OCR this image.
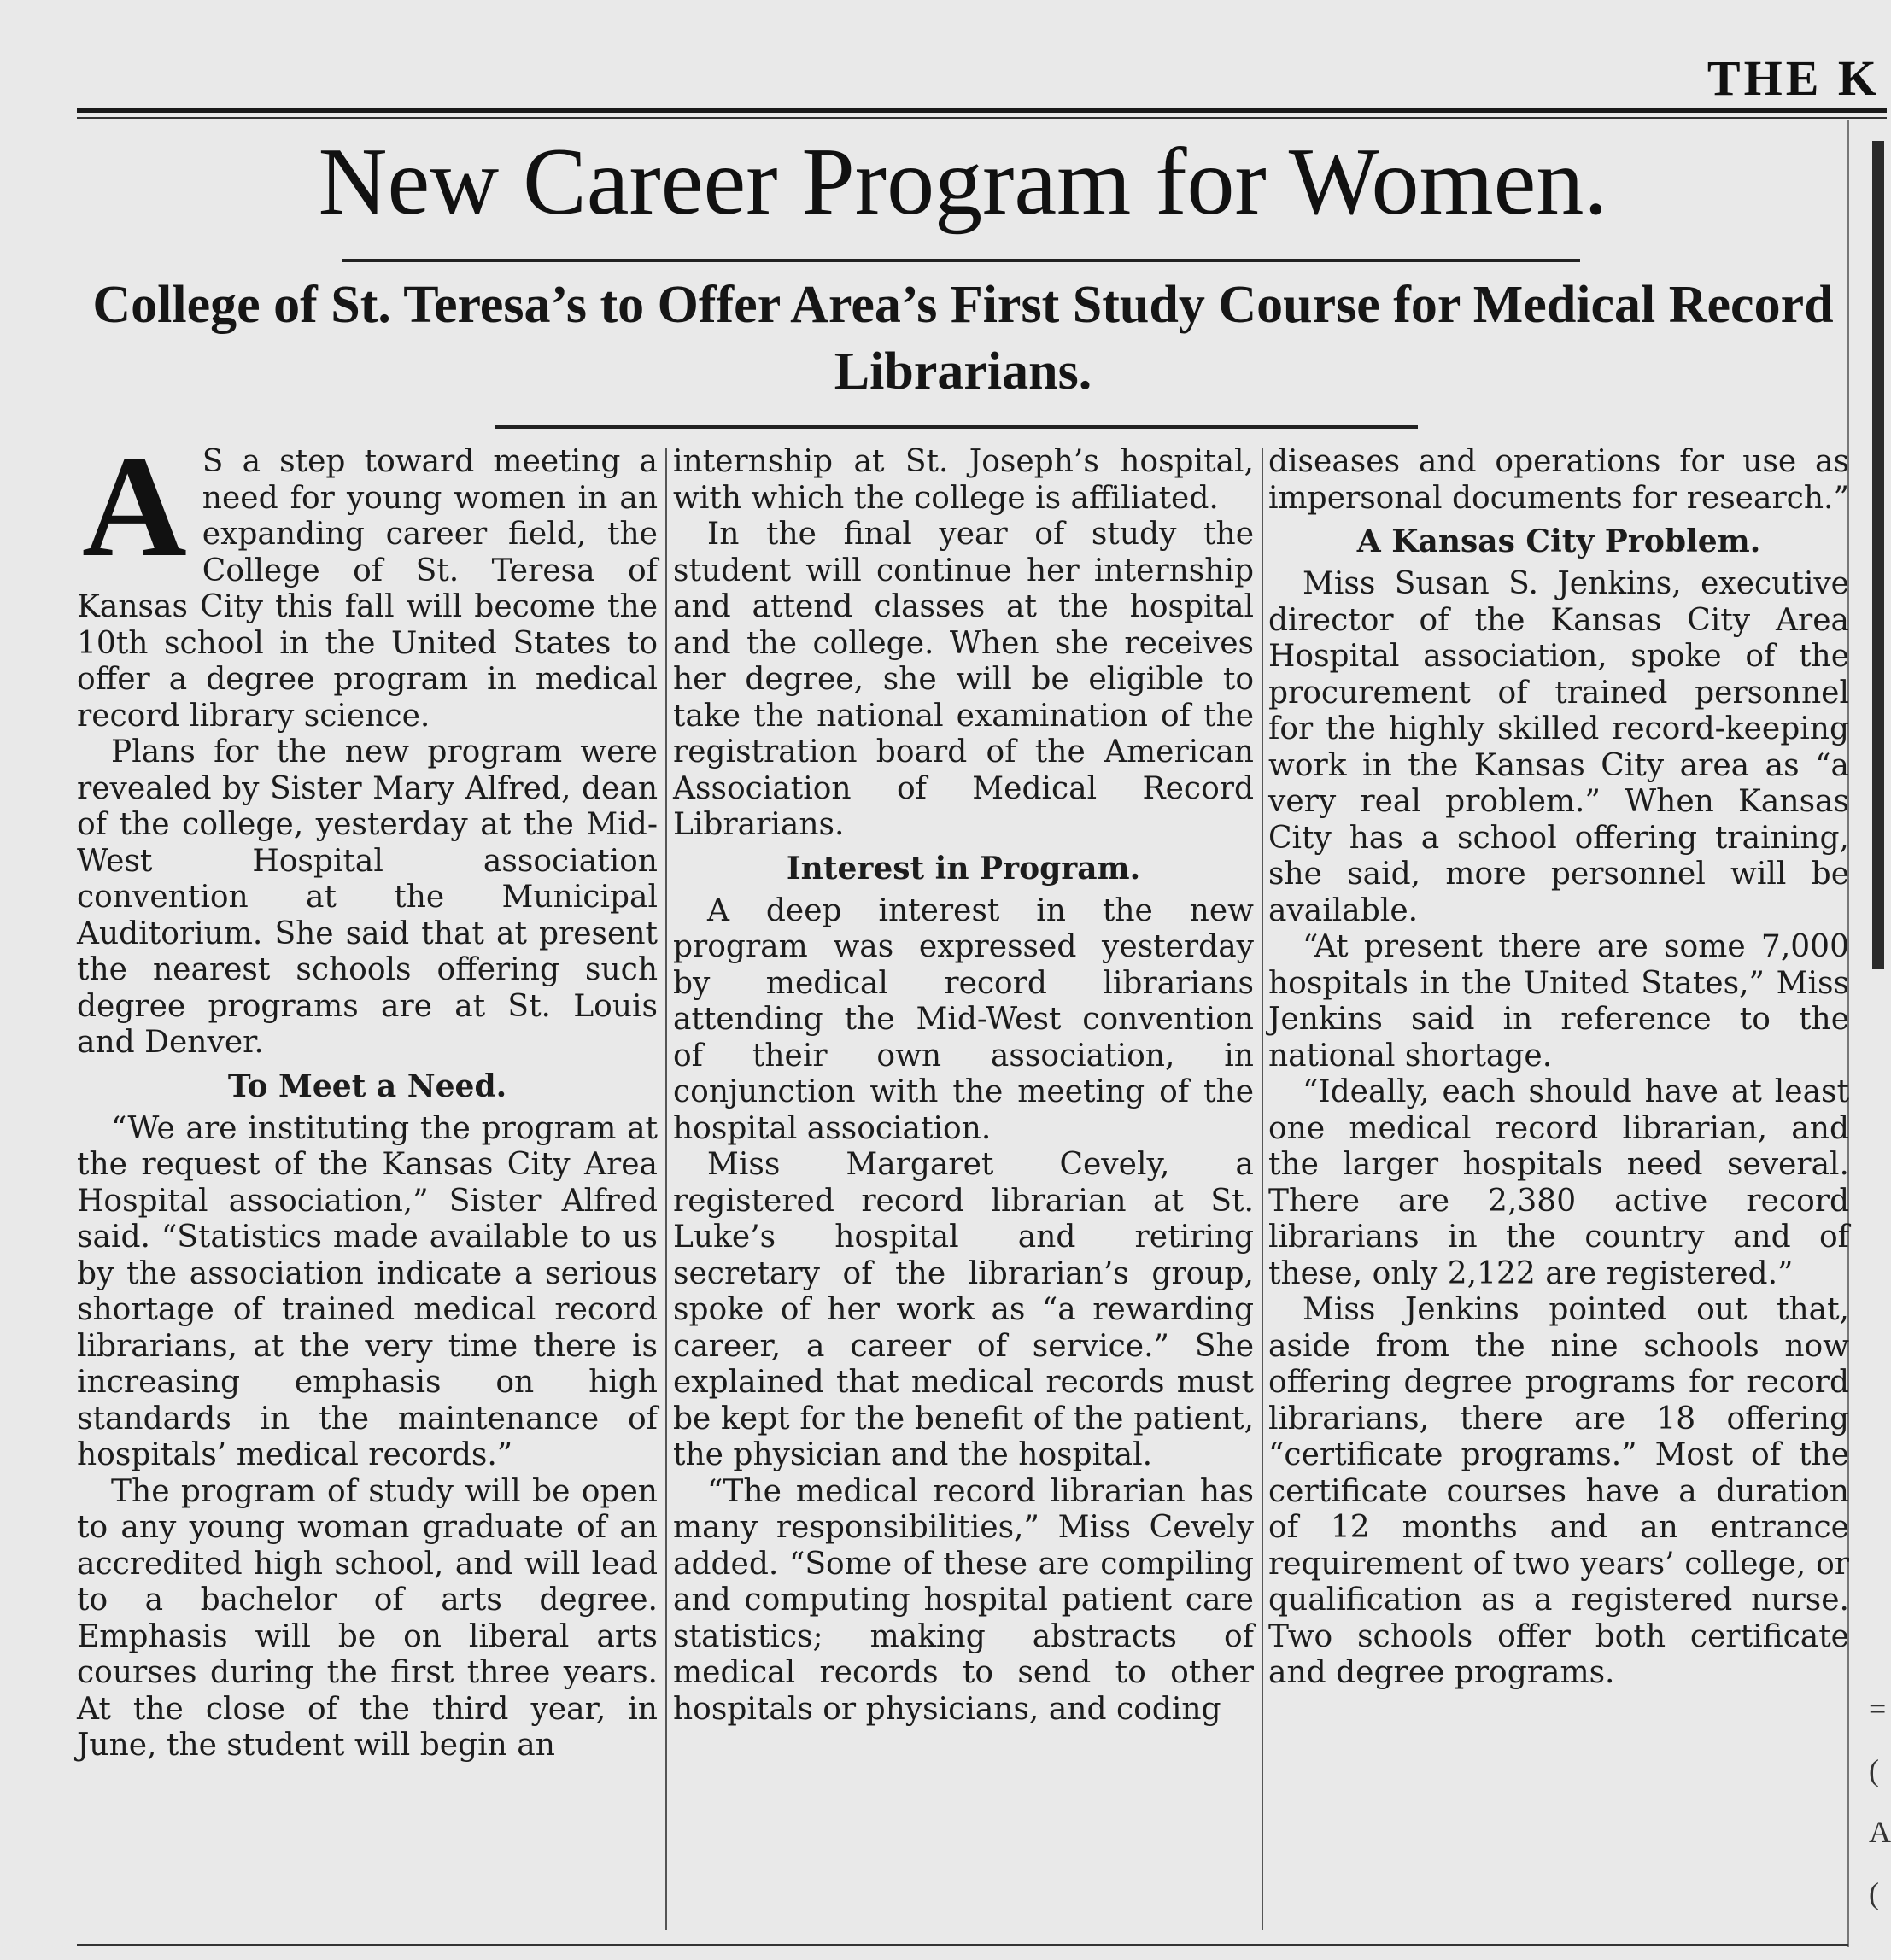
THE K
=
(
A
(
New Career Program for Women.
College of St. Teresa’s to Offer Area’s First Study Course for Medical Record Librarians.

A S a step toward meeting a need for young women in an expanding career field, the College of St. Teresa of Kansas City this fall will become the 10th school in the United States to offer a degree program in medical record library science.

Plans for the new program were revealed by Sister Mary Alfred, dean of the college, yesterday at the Mid-West Hospital association convention at the Municipal Auditorium. She said that at present the nearest schools offering such degree programs are at St. Louis and Denver.

To Meet a Need.

“We are instituting the program at the request of the Kansas City Area Hospital association,” Sister Alfred said. “Statistics made available to us by the association indicate a serious shortage of trained medical record librarians, at the very time there is increasing emphasis on high standards in the maintenance of hospitals’ medical records.”

The program of study will be open to any young woman graduate of an accredited high school, and will lead to a bachelor of arts degree. Emphasis will be on liberal arts courses during the first three years. At the close of the third year, in June, the student will begin an

internship at St. Joseph’s hospital, with which the college is affiliated.

In the final year of study the student will continue her internship and attend classes at the hospital and the college. When she receives her degree, she will be eligible to take the national examination of the registration board of the American Association of Medical Record Librarians.

Interest in Program.

A deep interest in the new program was expressed yesterday by medical record librarians attending the Mid-West convention of their own association, in conjunction with the meeting of the hospital association.

Miss Margaret Cevely, a registered record librarian at St. Luke’s hospital and retiring secretary of the librarian’s group, spoke of her work as “a rewarding career, a career of service.” She explained that medical records must be kept for the benefit of the patient, the physician and the hospital.

“The medical record librarian has many responsibilities,” Miss Cevely added. “Some of these are compiling and computing hospital patient care statistics; making abstracts of medical records to send to other hospitals or physicians, and coding

diseases and operations for use as impersonal documents for research.”

A Kansas City Problem.

Miss Susan S. Jenkins, executive director of the Kansas City Area Hospital association, spoke of the procurement of trained personnel for the highly skilled record-keeping work in the Kansas City area as “a very real problem.” When Kansas City has a school offering training, she said, more personnel will be available.

“At present there are some 7,000 hospitals in the United States,” Miss Jenkins said in reference to the national shortage.

“Ideally, each should have at least one medical record librarian, and the larger hospitals need several. There are 2,380 active record librarians in the country and of these, only 2,122 are registered.”

Miss Jenkins pointed out that, aside from the nine schools now offering degree programs for record librarians, there are 18 offering “certificate programs.” Most of the certificate courses have a duration of 12 months and an entrance requirement of two years’ college, or qualification as a registered nurse. Two schools offer both certificate and degree programs.
